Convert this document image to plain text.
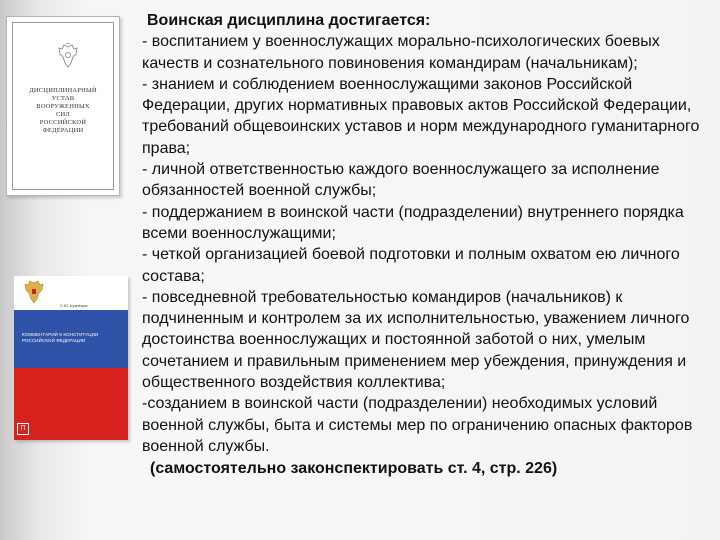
ДИСЦИПЛИНАРНЫЙ
УСТАВ
ВООРУЖЕННЫХ
СИЛ
РОССИЙСКОЙ
ФЕДЕРАЦИИ
С.Ю. Кузнецов
КОММЕНТАРИЙ К КОНСТИТУЦИИ РОССИЙСКОЙ ФЕДЕРАЦИИ
П
Воинская дисциплина достигается:
- воспитанием у военнослужащих морально-психологических боевых качеств и сознательного повиновения командирам (начальникам);
- знанием и соблюдением военнослужащими законов Российской Федерации, других нормативных правовых актов Российской Федерации, требований общевоинских уставов и норм международного гуманитарного права;
- личной ответственностью каждого военнослужащего за исполнение обязанностей военной службы;
- поддержанием в воинской части (подразделении) внутреннего порядка всеми военнослужащими;
- четкой организацией боевой подготовки и полным охватом ею личного состава;
- повседневной требовательностью командиров (начальников) к подчиненным и контролем за их исполнительностью, уважением личного достоинства военнослужащих и постоянной заботой о них, умелым сочетанием и правильным применением мер убеждения, принуждения и общественного воздействия коллектива;
-созданием в воинской части (подразделении) необходимых условий военной службы, быта и системы мер по ограничению опасных факторов военной службы.
(самостоятельно законспектировать ст. 4, стр. 226)
